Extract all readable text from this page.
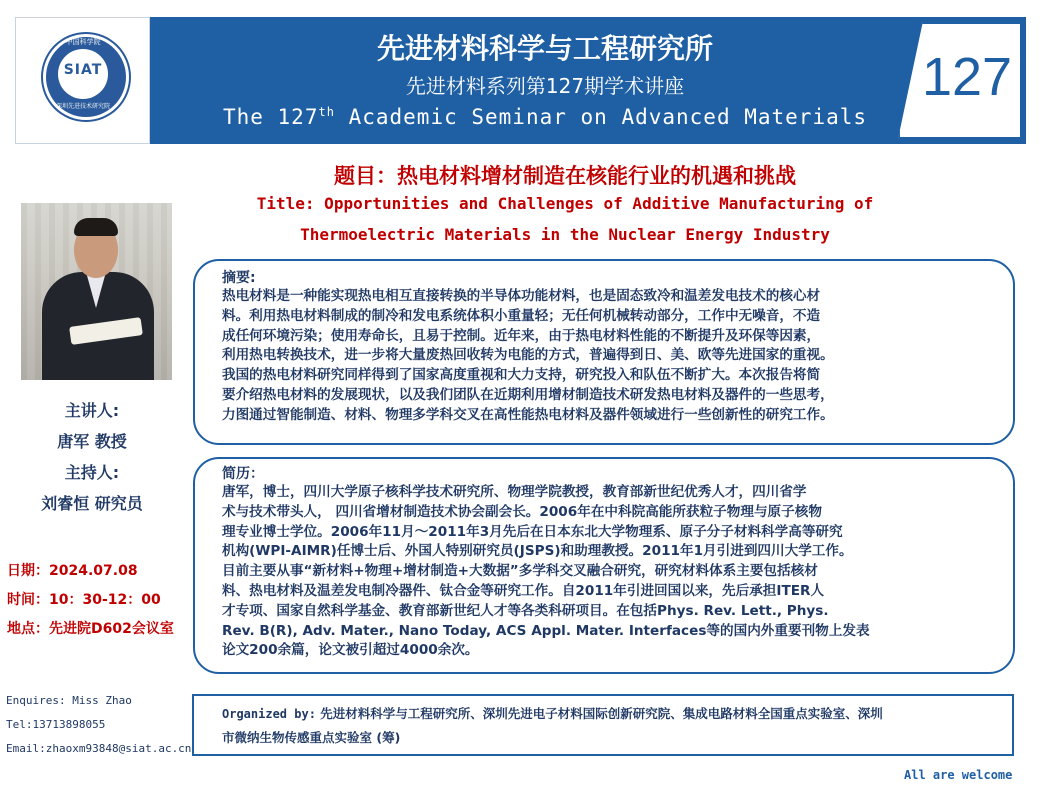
中国科学院
SIAT
深圳先进技术研究院
先进材料科学与工程研究所
先进材料系列第127期学术讲座
The 127th Academic Seminar on Advanced Materials
127
题目：热电材料增材制造在核能行业的机遇和挑战
Title: Opportunities and Challenges of Additive Manufacturing of
Thermoelectric Materials in the Nuclear Energy Industry
主讲人:
唐军 教授
主持人:
刘睿恒 研究员
日期：2024.07.08
时间：10：30-12：00
地点：先进院D602会议室
Enquires: Miss Zhao
Tel:13713898055
Email:zhaoxm93848@siat.ac.cn
摘要:
热电材料是一种能实现热电相互直接转换的半导体功能材料，也是固态致冷和温差发电技术的核心材
料。利用热电材料制成的制冷和发电系统体积小重量轻；无任何机械转动部分，工作中无噪音，不造
成任何环境污染；使用寿命长，且易于控制。近年来，由于热电材料性能的不断提升及环保等因素，
利用热电转换技术，进一步将大量废热回收转为电能的方式，普遍得到日、美、欧等先进国家的重视。
我国的热电材料研究同样得到了国家高度重视和大力支持，研究投入和队伍不断扩大。本次报告将简
要介绍热电材料的发展现状，以及我们团队在近期利用增材制造技术研发热电材料及器件的一些思考，
力图通过智能制造、材料、物理多学科交叉在高性能热电材料及器件领域进行一些创新性的研究工作。
简历：
唐军，博士，四川大学原子核科学技术研究所、物理学院教授，教育部新世纪优秀人才，四川省学
术与技术带头人， 四川省增材制造技术协会副会长。2006年在中科院高能所获粒子物理与原子核物
理专业博士学位。2006年11月～2011年3月先后在日本东北大学物理系、原子分子材料科学高等研究
机构(WPI-AIMR)任博士后、外国人特别研究员(JSPS)和助理教授。2011年1月引进到四川大学工作。
目前主要从事“新材料+物理+增材制造+大数据”多学科交叉融合研究，研究材料体系主要包括核材
料、热电材料及温差发电制冷器件、钛合金等研究工作。自2011年引进回国以来，先后承担ITER人
才专项、国家自然科学基金、教育部新世纪人才等各类科研项目。在包括Phys. Rev. Lett., Phys.
Rev. B(R), Adv. Mater., Nano Today, ACS Appl. Mater. Interfaces等的国内外重要刊物上发表
论文200余篇，论文被引超过4000余次。
Organized by: 先进材料科学与工程研究所、深圳先进电子材料国际创新研究院、集成电路材料全国重点实验室、深圳
市微纳生物传感重点实验室 (筹)
All are welcome
